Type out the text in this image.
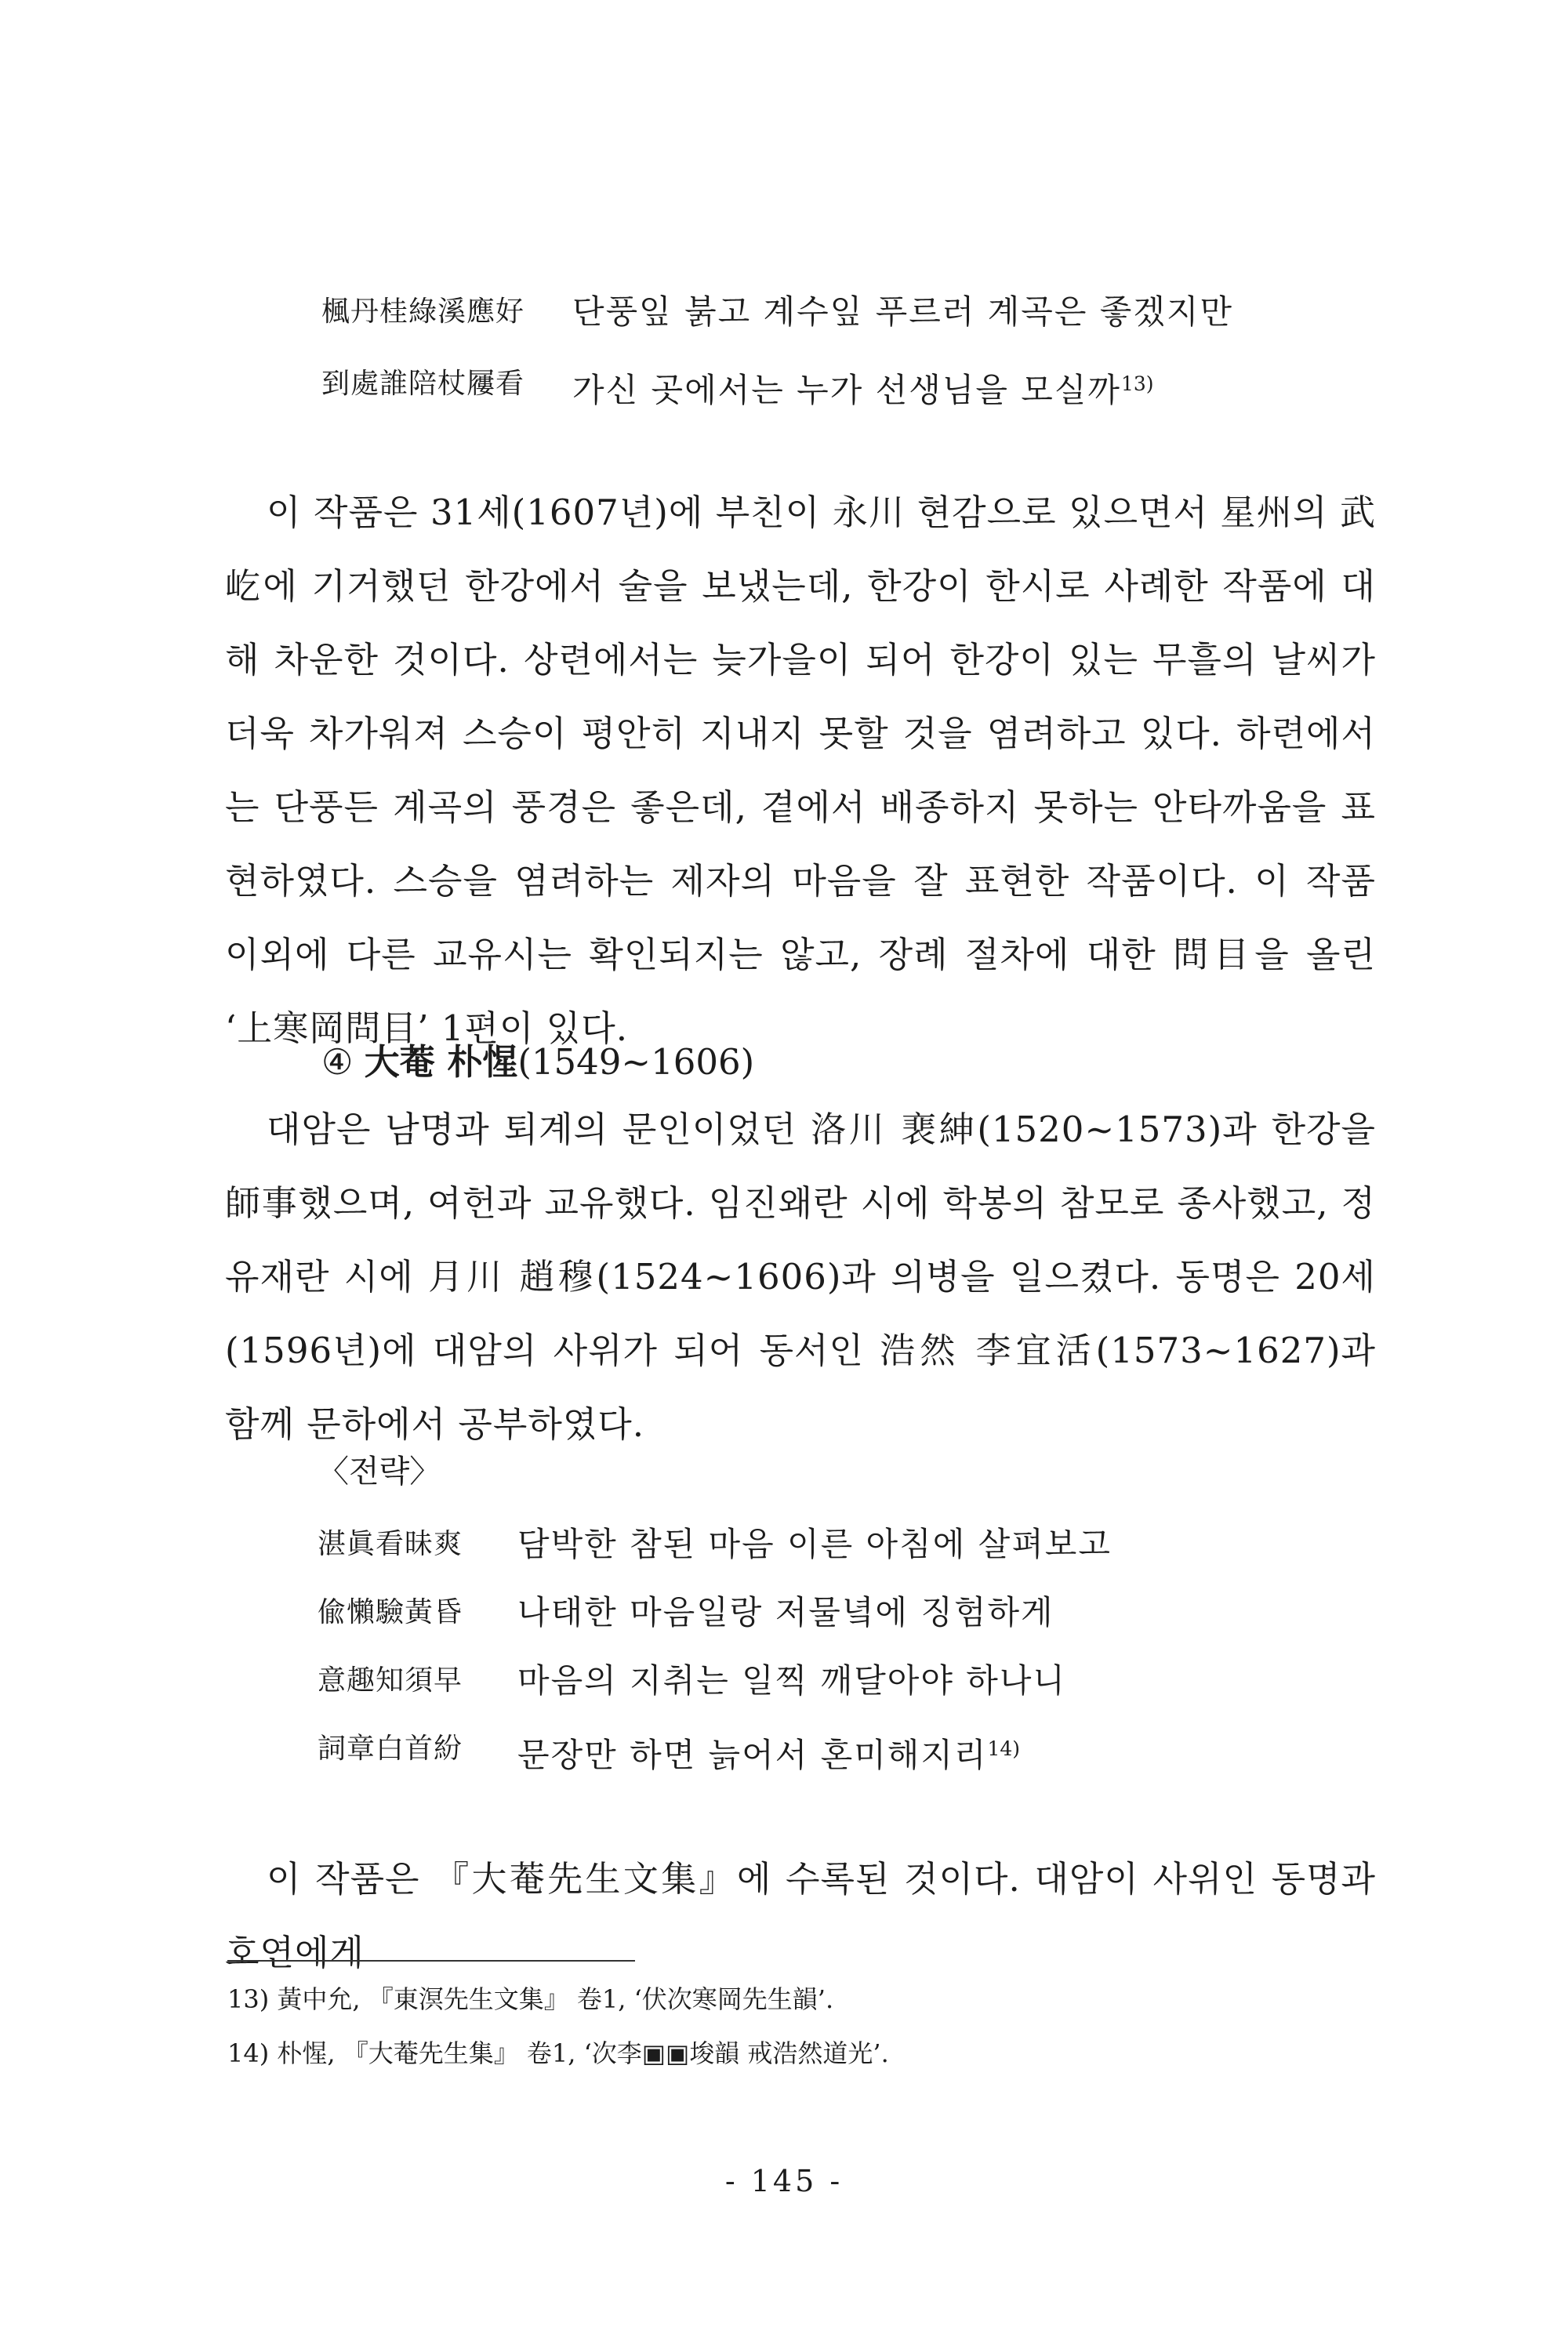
楓丹桂綠溪應好 단풍잎 붉고 계수잎 푸르러 계곡은 좋겠지만
到處誰陪杖屨看 가신 곳에서는 누가 선생님을 모실까$^{13)}$

이 작품은 31세(1607년)에 부친이 永川 현감으로 있으면서 星州의 武屹에 기거했던 한강에서 술을 보냈는데, 한강이 한시로 사례한 작품에 대해 차운한 것이다. 상련에서는 늦가을이 되어 한강이 있는 무흘의 날씨가 더욱 차가워져 스승이 평안히 지내지 못할 것을 염려하고 있다. 하련에서는 단풍든 계곡의 풍경은 좋은데, 곁에서 배종하지 못하는 안타까움을 표현하였다. 스승을 염려하는 제자의 마음을 잘 표현한 작품이다. 이 작품 이외에 다른 교유시는 확인되지는 않고, 장례 절차에 대한 問目을 올린 ‘上寒岡問目’ 1편이 있다.

④ 大菴 朴惺(1549~1606)

대암은 남명과 퇴계의 문인이었던 洛川 裵紳(1520~1573)과 한강을 師事했으며, 여헌과 교유했다. 임진왜란 시에 학봉의 참모로 종사했고, 정유재란 시에 月川 趙穆(1524~1606)과 의병을 일으켰다. 동명은 20세(1596년)에 대암의 사위가 되어 동서인 浩然 李宜活(1573~1627)과 함께 문하에서 공부하였다.

〈전략〉
湛眞看昧爽 담박한 참된 마음 이른 아침에 살펴보고
偸懶驗黃昏 나태한 마음일랑 저물녘에 징험하게
意趣知須早 마음의 지취는 일찍 깨달아야 하나니
詞章白首紛 문장만 하면 늙어서 혼미해지리$^{14)}$

이 작품은 『大菴先生文集』에 수록된 것이다. 대암이 사위인 동명과 호연에게

13) 黃中允, 『東溟先生文集』 卷1, ‘伏次寒岡先生韻’.
14) 朴惺, 『大菴先生集』 卷1, ‘次李▣▣埈韻 戒浩然道光’.
- 145 -
